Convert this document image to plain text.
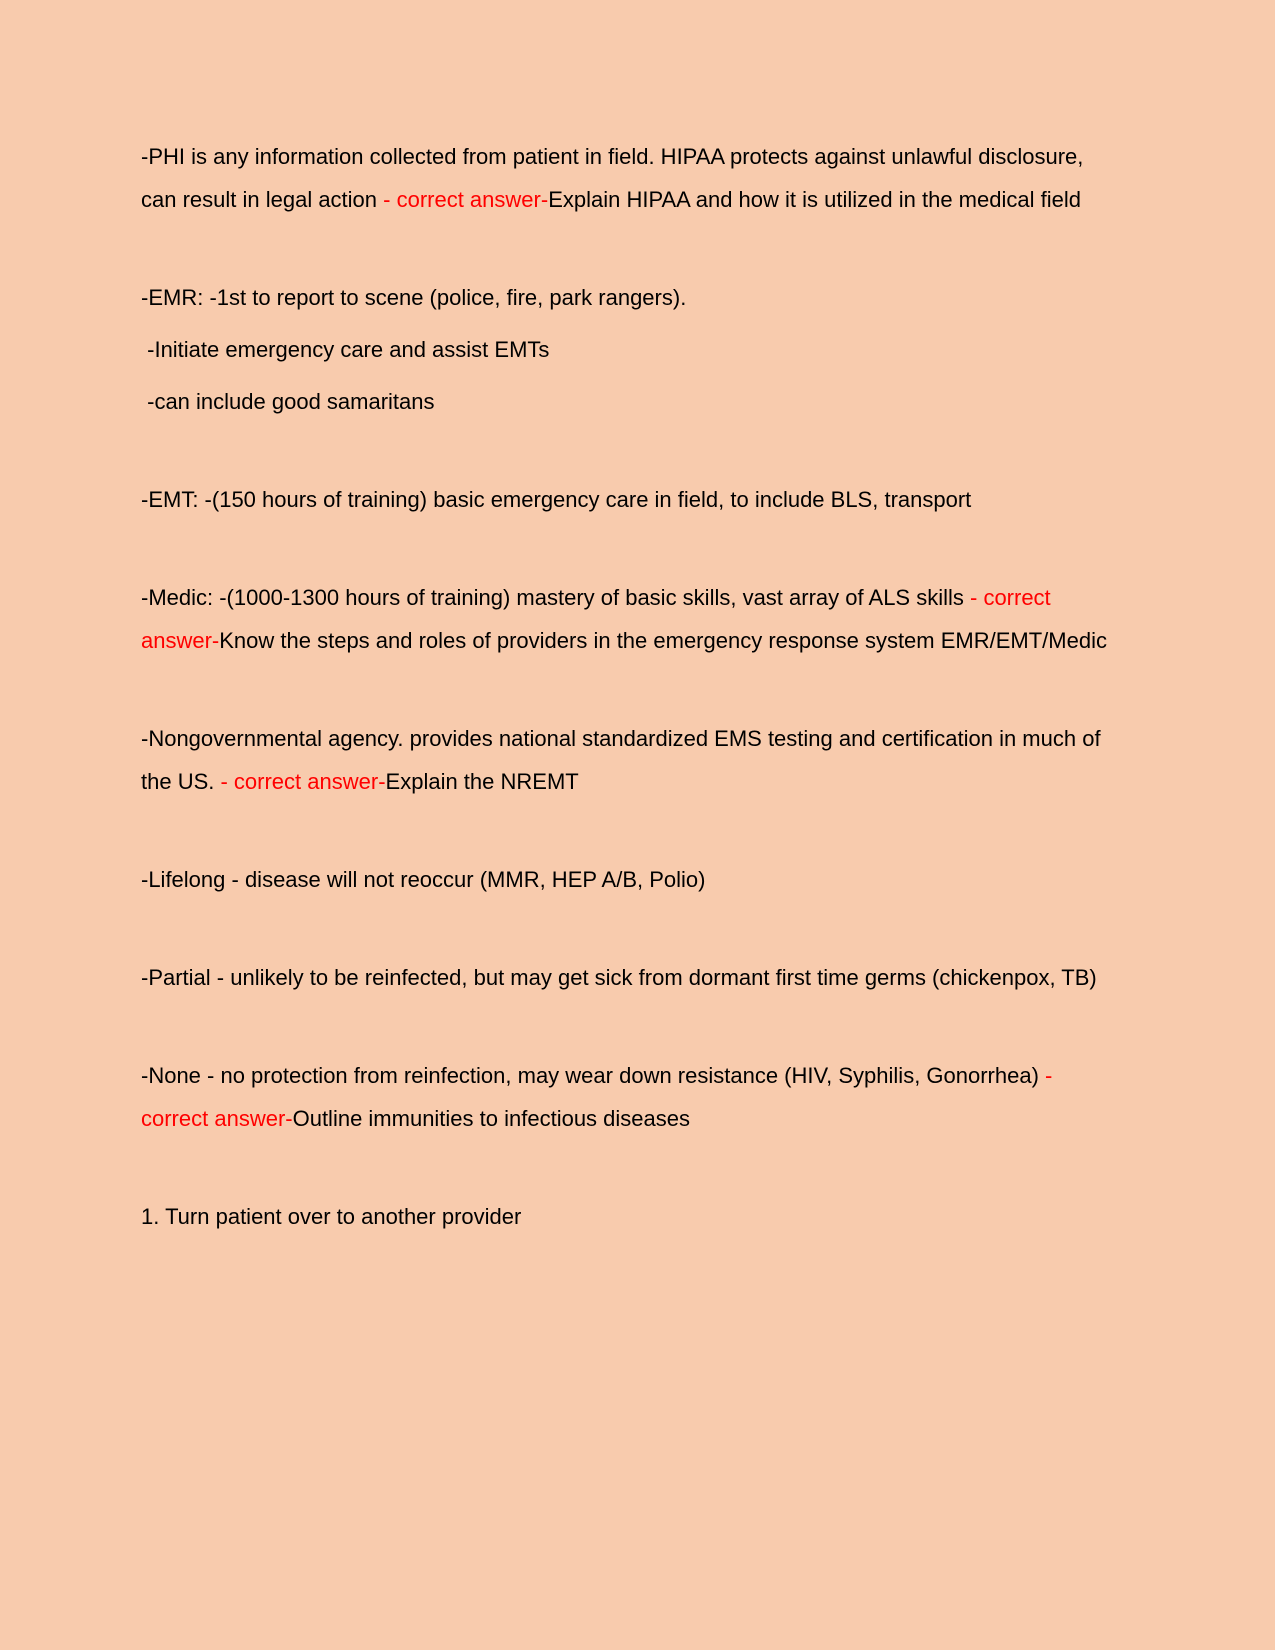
-PHI is any information collected from patient in field. HIPAA protects against unlawful disclosure, can result in legal action - correct answer-Explain HIPAA and how it is utilized in the medical field

-EMR: -1st to report to scene (police, fire, park rangers).

-Initiate emergency care and assist EMTs

-can include good samaritans

-EMT: -(150 hours of training) basic emergency care in field, to include BLS, transport

-Medic: -(1000-1300 hours of training) mastery of basic skills, vast array of ALS skills - correct answer-Know the steps and roles of providers in the emergency response system EMR/EMT/Medic

-Nongovernmental agency. provides national standardized EMS testing and certification in much of the US. - correct answer-Explain the NREMT

-Lifelong - disease will not reoccur (MMR, HEP A/B, Polio)

-Partial - unlikely to be reinfected, but may get sick from dormant first time germs (chickenpox, TB)

-None - no protection from reinfection, may wear down resistance (HIV, Syphilis, Gonorrhea) - correct answer-Outline immunities to infectious diseases

1. Turn patient over to another provider
